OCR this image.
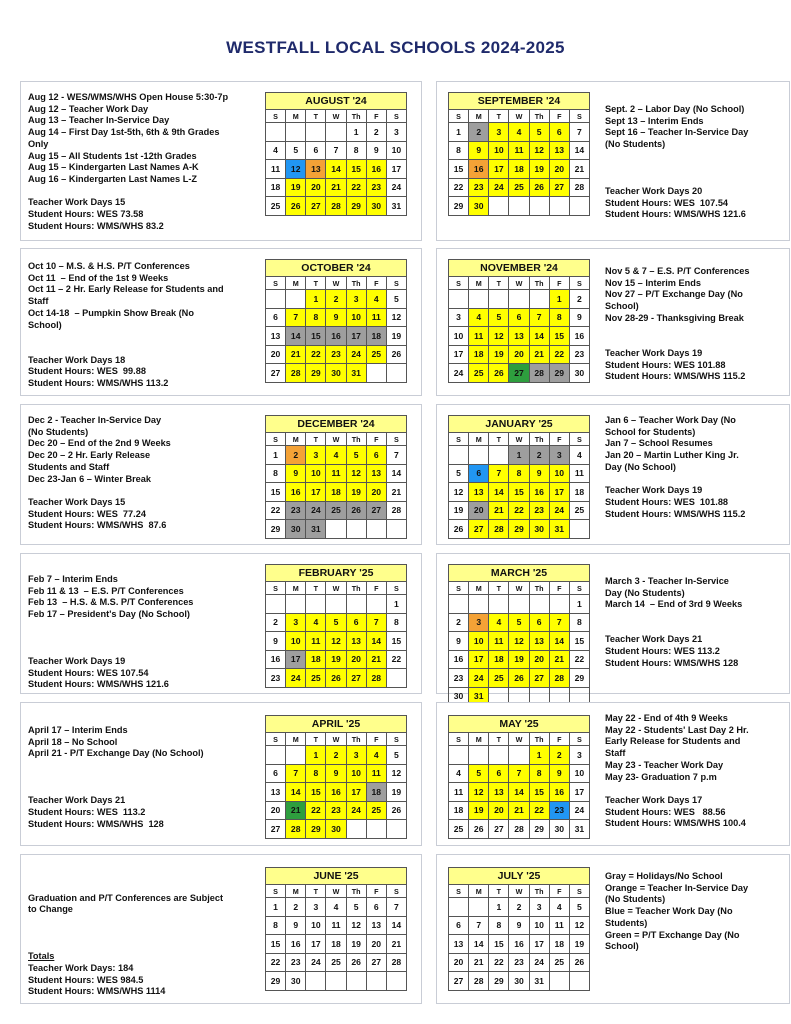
WESTFALL LOCAL SCHOOLS 2024-2025
Aug 12 - WES/WMS/WHS Open House 5:30-7p
Aug 12 – Teacher Work Day
Aug 13 – Teacher In-Service Day
Aug 14 – First Day 1st-5th, 6th & 9th Grades
Only
Aug 15 – All Students 1st -12th Grades
Aug 15 – Kindergarten Last Names A-K
Aug 16 – Kindergarten Last Names L-Z
Teacher Work Days 15
Student Hours: WES 73.58
Student Hours: WMS/WHS 83.2
AUGUST '24						
S	M	T	W	Th	F	S
				1	2	3
4	5	6	7	8	9	10
11	12	13	14	15	16	17
18	19	20	21	22	23	24
25	26	27	28	29	30	31
Sept. 2 – Labor Day (No School)
Sept 13 – Interim Ends
Sept 16 – Teacher In-Service Day
(No Students)
Teacher Work Days 20
Student Hours: WES  107.54
Student Hours: WMS/WHS 121.6
SEPTEMBER '24						
S	M	T	W	Th	F	S
1	2	3	4	5	6	7
8	9	10	11	12	13	14
15	16	17	18	19	20	21
22	23	24	25	26	27	28
29	30					
Oct 10 – M.S. & H.S. P/T Conferences
Oct 11  – End of the 1st 9 Weeks
Oct 11 – 2 Hr. Early Release for Students and
Staff
Oct 14-18  – Pumpkin Show Break (No
School)
Teacher Work Days 18
Student Hours: WES  99.88
Student Hours: WMS/WHS 113.2
OCTOBER '24						
S	M	T	W	Th	F	S
		1	2	3	4	5
6	7	8	9	10	11	12
13	14	15	16	17	18	19
20	21	22	23	24	25	26
27	28	29	30	31		
Nov 5 & 7 – E.S. P/T Conferences
Nov 15 – Interim Ends
Nov 27 – P/T Exchange Day (No
School)
Nov 28-29 - Thanksgiving Break
Teacher Work Days 19
Student Hours: WES 101.88
Student Hours: WMS/WHS 115.2
NOVEMBER '24						
S	M	T	W	Th	F	S
					1	2
3	4	5	6	7	8	9
10	11	12	13	14	15	16
17	18	19	20	21	22	23
24	25	26	27	28	29	30
Dec 2 - Teacher In-Service Day
(No Students)
Dec 20 – End of the 2nd 9 Weeks
Dec 20 – 2 Hr. Early Release
Students and Staff
Dec 23-Jan 6 – Winter Break
Teacher Work Days 15
Student Hours: WES  77.24
Student Hours: WMS/WHS  87.6
DECEMBER '24						
S	M	T	W	Th	F	S
1	2	3	4	5	6	7
8	9	10	11	12	13	14
15	16	17	18	19	20	21
22	23	24	25	26	27	28
29	30	31				
Jan 6 – Teacher Work Day (No
School for Students)
Jan 7 – School Resumes
Jan 20 – Martin Luther King Jr.
Day (No School)
Teacher Work Days 19
Student Hours: WES  101.88
Student Hours: WMS/WHS 115.2
JANUARY '25						
S	M	T	W	Th	F	S
			1	2	3	4
5	6	7	8	9	10	11
12	13	14	15	16	17	18
19	20	21	22	23	24	25
26	27	28	29	30	31	
Feb 7 – Interim Ends
Feb 11 & 13  – E.S. P/T Conferences
Feb 13  – H.S. & M.S. P/T Conferences
Feb 17 – President's Day (No School)
Teacher Work Days 19
Student Hours: WES 107.54
Student Hours: WMS/WHS 121.6
FEBRUARY '25						
S	M	T	W	Th	F	S
						1
2	3	4	5	6	7	8
9	10	11	12	13	14	15
16	17	18	19	20	21	22
23	24	25	26	27	28	
March 3 - Teacher In-Service
Day (No Students)
March 14  – End of 3rd 9 Weeks
Teacher Work Days 21
Student Hours: WES 113.2
Student Hours: WMS/WHS 128
MARCH '25						
S	M	T	W	Th	F	S
						1
2	3	4	5	6	7	8
9	10	11	12	13	14	15
16	17	18	19	20	21	22
23	24	25	26	27	28	29
30	31					
April 17 – Interim Ends
April 18 – No School
April 21 - P/T Exchange Day (No School)
Teacher Work Days 21
Student Hours: WES  113.2
Student Hours: WMS/WHS  128
APRIL '25						
S	M	T	W	Th	F	S
		1	2	3	4	5
6	7	8	9	10	11	12
13	14	15	16	17	18	19
20	21	22	23	24	25	26
27	28	29	30			
May 22 - End of 4th 9 Weeks
May 22 - Students' Last Day 2 Hr.
Early Release for Students and
Staff
May 23 - Teacher Work Day
May 23- Graduation 7 p.m
Teacher Work Days 17
Student Hours: WES   88.56
Student Hours: WMS/WHS 100.4
MAY '25						
S	M	T	W	Th	F	S
				1	2	3
4	5	6	7	8	9	10
11	12	13	14	15	16	17
18	19	20	21	22	23	24
25	26	27	28	29	30	31
Graduation and P/T Conferences are Subject
to Change
Totals
Teacher Work Days: 184
Student Hours: WES 984.5
Student Hours: WMS/WHS 1114
JUNE '25						
S	M	T	W	Th	F	S
1	2	3	4	5	6	7
8	9	10	11	12	13	14
15	16	17	18	19	20	21
22	23	24	25	26	27	28
29	30					
Gray = Holidays/No School
Orange = Teacher In-Service Day
(No Students)
Blue = Teacher Work Day (No
Students)
Green = P/T Exchange Day (No
School)
JULY '25						
S	M	T	W	Th	F	S
		1	2	3	4	5
6	7	8	9	10	11	12
13	14	15	16	17	18	19
20	21	22	23	24	25	26
27	28	29	30	31		
